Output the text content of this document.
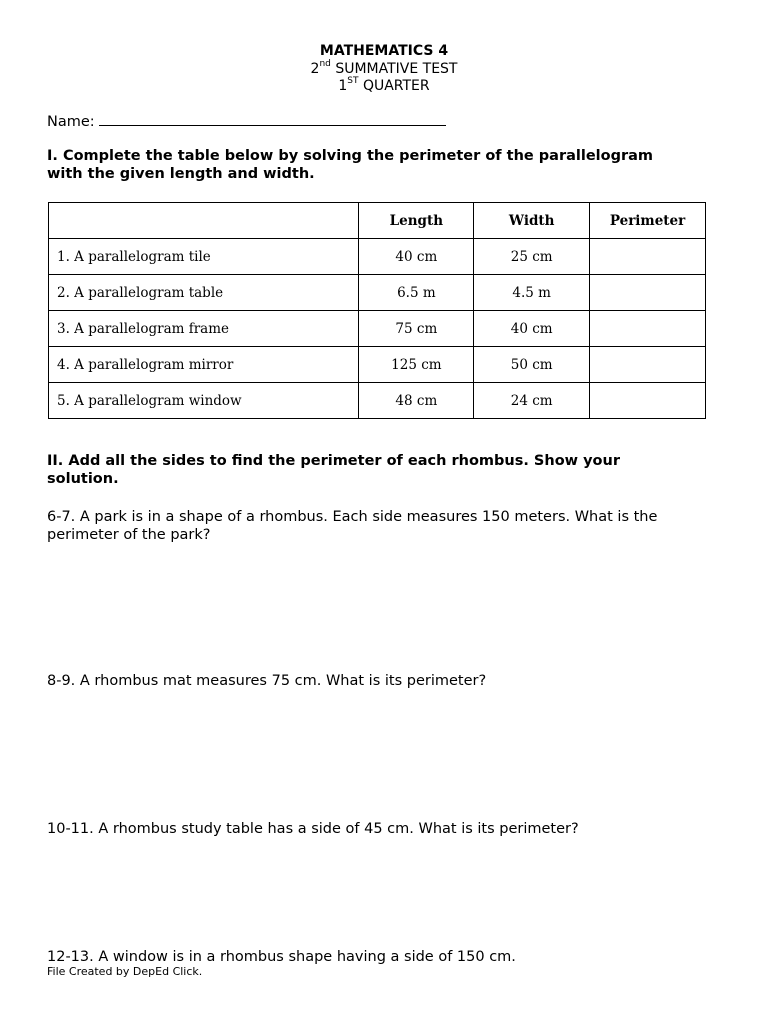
MATHEMATICS 4
2nd SUMMATIVE TEST
1ST QUARTER
Name:
I. Complete the table below by solving the perimeter of the parallelogram
with the given length and width.
	Length	Width	Perimeter
1. A parallelogram tile	40 cm	25 cm	
2. A parallelogram table	6.5 m	4.5 m	
3. A parallelogram frame	75 cm	40 cm	
4. A parallelogram mirror	125 cm	50 cm	
5. A parallelogram window	48 cm	24 cm	
II. Add all the sides to find the perimeter of each rhombus. Show your
solution.
6-7. A park is in a shape of a rhombus. Each side measures 150 meters. What is the
perimeter of the park?
8-9. A rhombus mat measures 75 cm. What is its perimeter?
10-11. A rhombus study table has a side of 45 cm. What is its perimeter?
12-13. A window is in a rhombus shape having a side of 150 cm.
File Created by DepEd Click.
